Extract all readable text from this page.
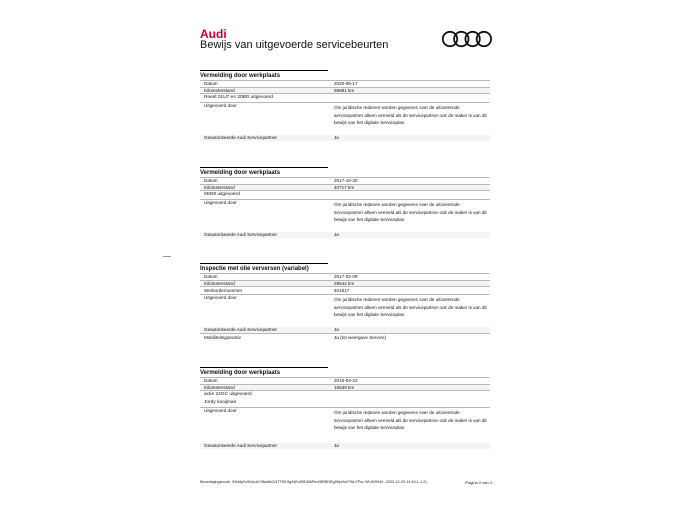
Audi
Bewijs van uitgevoerde servicebeurten
Vermelding door werkplaats
Datum	2020-06-17
Kilometerstand	59881 km
Roest 01U7 en 20BD uitgevoerd
Uitgevoerd door	Om juridische redenen worden gegevens over de uitvoerende servicepartner alleen vermeld als de servicepartner ook de maker is van dit bewijs van het digitale Serviceplan.
Geautoriseerde Audi Servicepartner	Ja
Vermelding door werkplaats
Datum	2017-10-30
Kilometerstand	40717 km
0KD9 uitgevoerd
Uitgevoerd door	Om juridische redenen worden gegevens over de uitvoerende servicepartner alleen vermeld als de servicepartner ook de maker is van dit bewijs van het digitale Serviceplan.
Geautoriseerde Audi Servicepartner	Ja
Inspectie met olie verversen (variabel)
Datum	2017-02-09
Kilometerstand	29542 km
Werkordernummer	401617
Uitgevoerd door	Om juridische redenen worden gegevens over de uitvoerende servicepartner alleen vermeld als de servicepartner ook de maker is van dit bewijs van het digitale Serviceplan.
Geautoriseerde Audi Servicepartner	Ja
Mobiliteitsgarantie	Ja (tot weergave Service)
Vermelding door werkplaats
Datum	2016-04-22
Kilometerstand	15639 km
actie 24GC uitgevoerd
Jordy kooijman
Uitgevoerd door	Om juridische redenen worden gegevens over de uitvoerende servicepartner alleen vermeld als de servicepartner ook de maker is van dit bewijs van het digitale Serviceplan.
Geautoriseerde Audi Servicepartner	Ja
Bevestigingscode: X5rMpSrWJauCr9Na8bCNTTEK9g34Ev53DN8Pm4BRBDEg9KpHorFWu7Psc WL809940 -2023-12-29 14:49:1-1:2)	Pagina 2 van 3
